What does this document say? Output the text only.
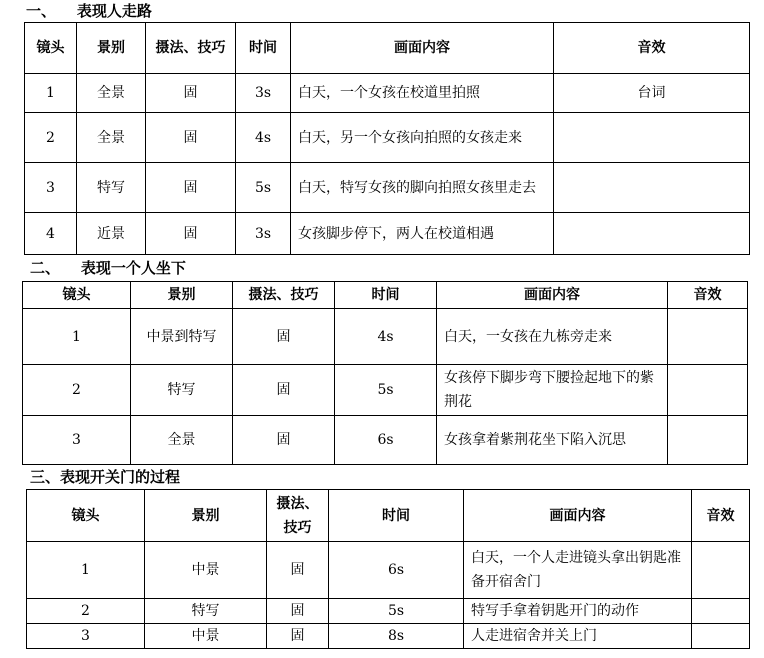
一、    表现人走路
镜头	景别	摄法、技巧	时间	画面内容	音效
1	全景	固	3s	白天，一个女孩在校道里拍照	台词
2	全景	固	4s	白天，另一个女孩向拍照的女孩走来	
3	特写	固	5s	白天，特写女孩的脚向拍照女孩里走去	
4	近景	固	3s	女孩脚步停下，两人在校道相遇	
二、    表现一个人坐下
镜头	景别	摄法、技巧	时间	画面内容	音效
1	中景到特写	固	4s	白天，一女孩在九栋旁走来	
2	特写	固	5s	女孩停下脚步弯下腰捡起地下的紫荆花	
3	全景	固	6s	女孩拿着紫荆花坐下陷入沉思	
三、表现开关门的过程
镜头	景别	摄法、技巧	时间	画面内容	音效
1	中景	固	6s	白天，一个人走进镜头拿出钥匙准备开宿舍门	
2	特写	固	5s	特写手拿着钥匙开门的动作	
3	中景	固	8s	人走进宿舍并关上门	
